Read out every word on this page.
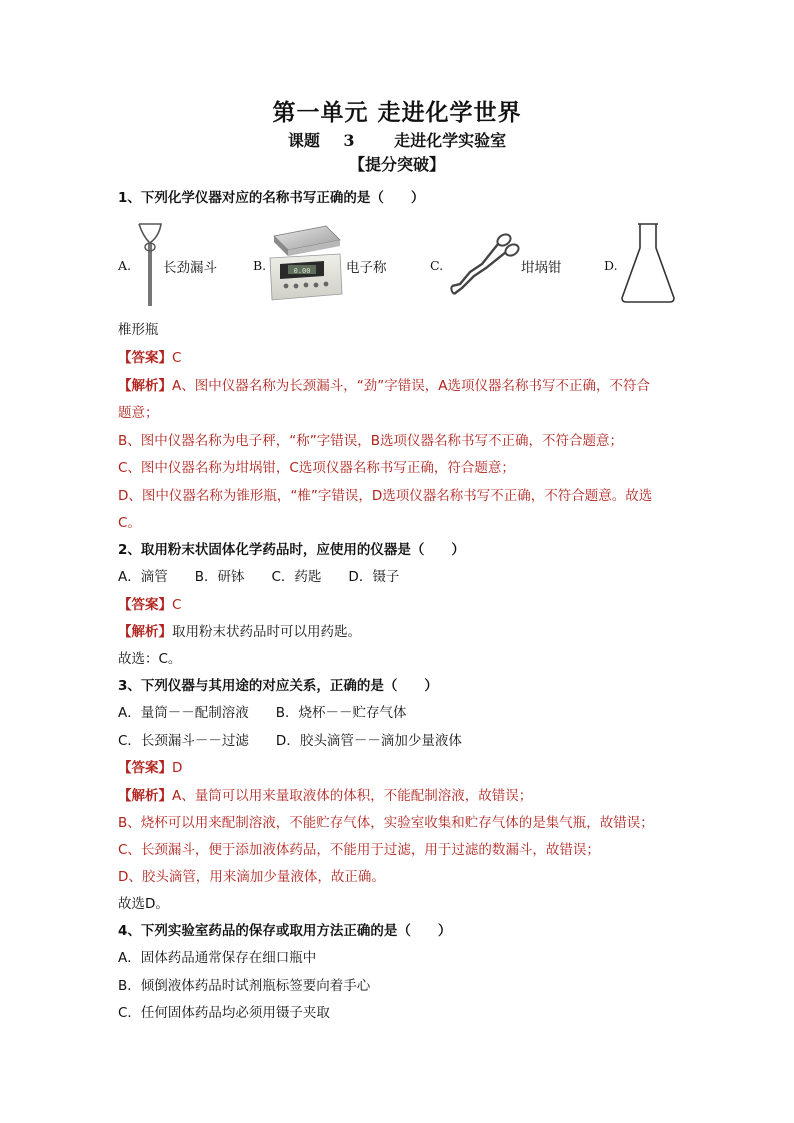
第一单元 走进化学世界
课题 3　 走进化学实验室
【提分突破】
1、下列化学仪器对应的名称书写正确的是（　　）
A. 长劲漏斗	B.	0.00	电子称	C.	坩埚钳	D.
椎形瓶
【答案】C
【解析】A、图中仪器名称为长颈漏斗，“劲”字错误，A选项仪器名称书写不正确，不符合
题意；
B、图中仪器名称为电子秤，“称”字错误，B选项仪器名称书写不正确，不符合题意；
C、图中仪器名称为坩埚钳，C选项仪器名称书写正确，符合题意；
D、图中仪器名称为锥形瓶，“椎”字错误，D选项仪器名称书写不正确，不符合题意。故选
C。
2、取用粉末状固体化学药品时，应使用的仪器是（　　）
A．滴管　　B．研钵　　C．药匙　　D．镊子
【答案】C
【解析】取用粉末状药品时可以用药匙。
故选：C。
3、下列仪器与其用途的对应关系，正确的是（　　）
A．量筒－－配制溶液　　B．烧杯－－贮存气体
C．长颈漏斗－－过滤　　D．胶头滴管－－滴加少量液体
【答案】D
【解析】A、量筒可以用来量取液体的体积，不能配制溶液，故错误；
B、烧杯可以用来配制溶液，不能贮存气体，实验室收集和贮存气体的是集气瓶，故错误；
C、长颈漏斗，便于添加液体药品，不能用于过滤，用于过滤的数漏斗，故错误；
D、胶头滴管，用来滴加少量液体，故正确。
故选D。
4、下列实验室药品的保存或取用方法正确的是（　　）
A．固体药品通常保存在细口瓶中
B．倾倒液体药品时试剂瓶标签要向着手心
C．任何固体药品均必须用镊子夹取
